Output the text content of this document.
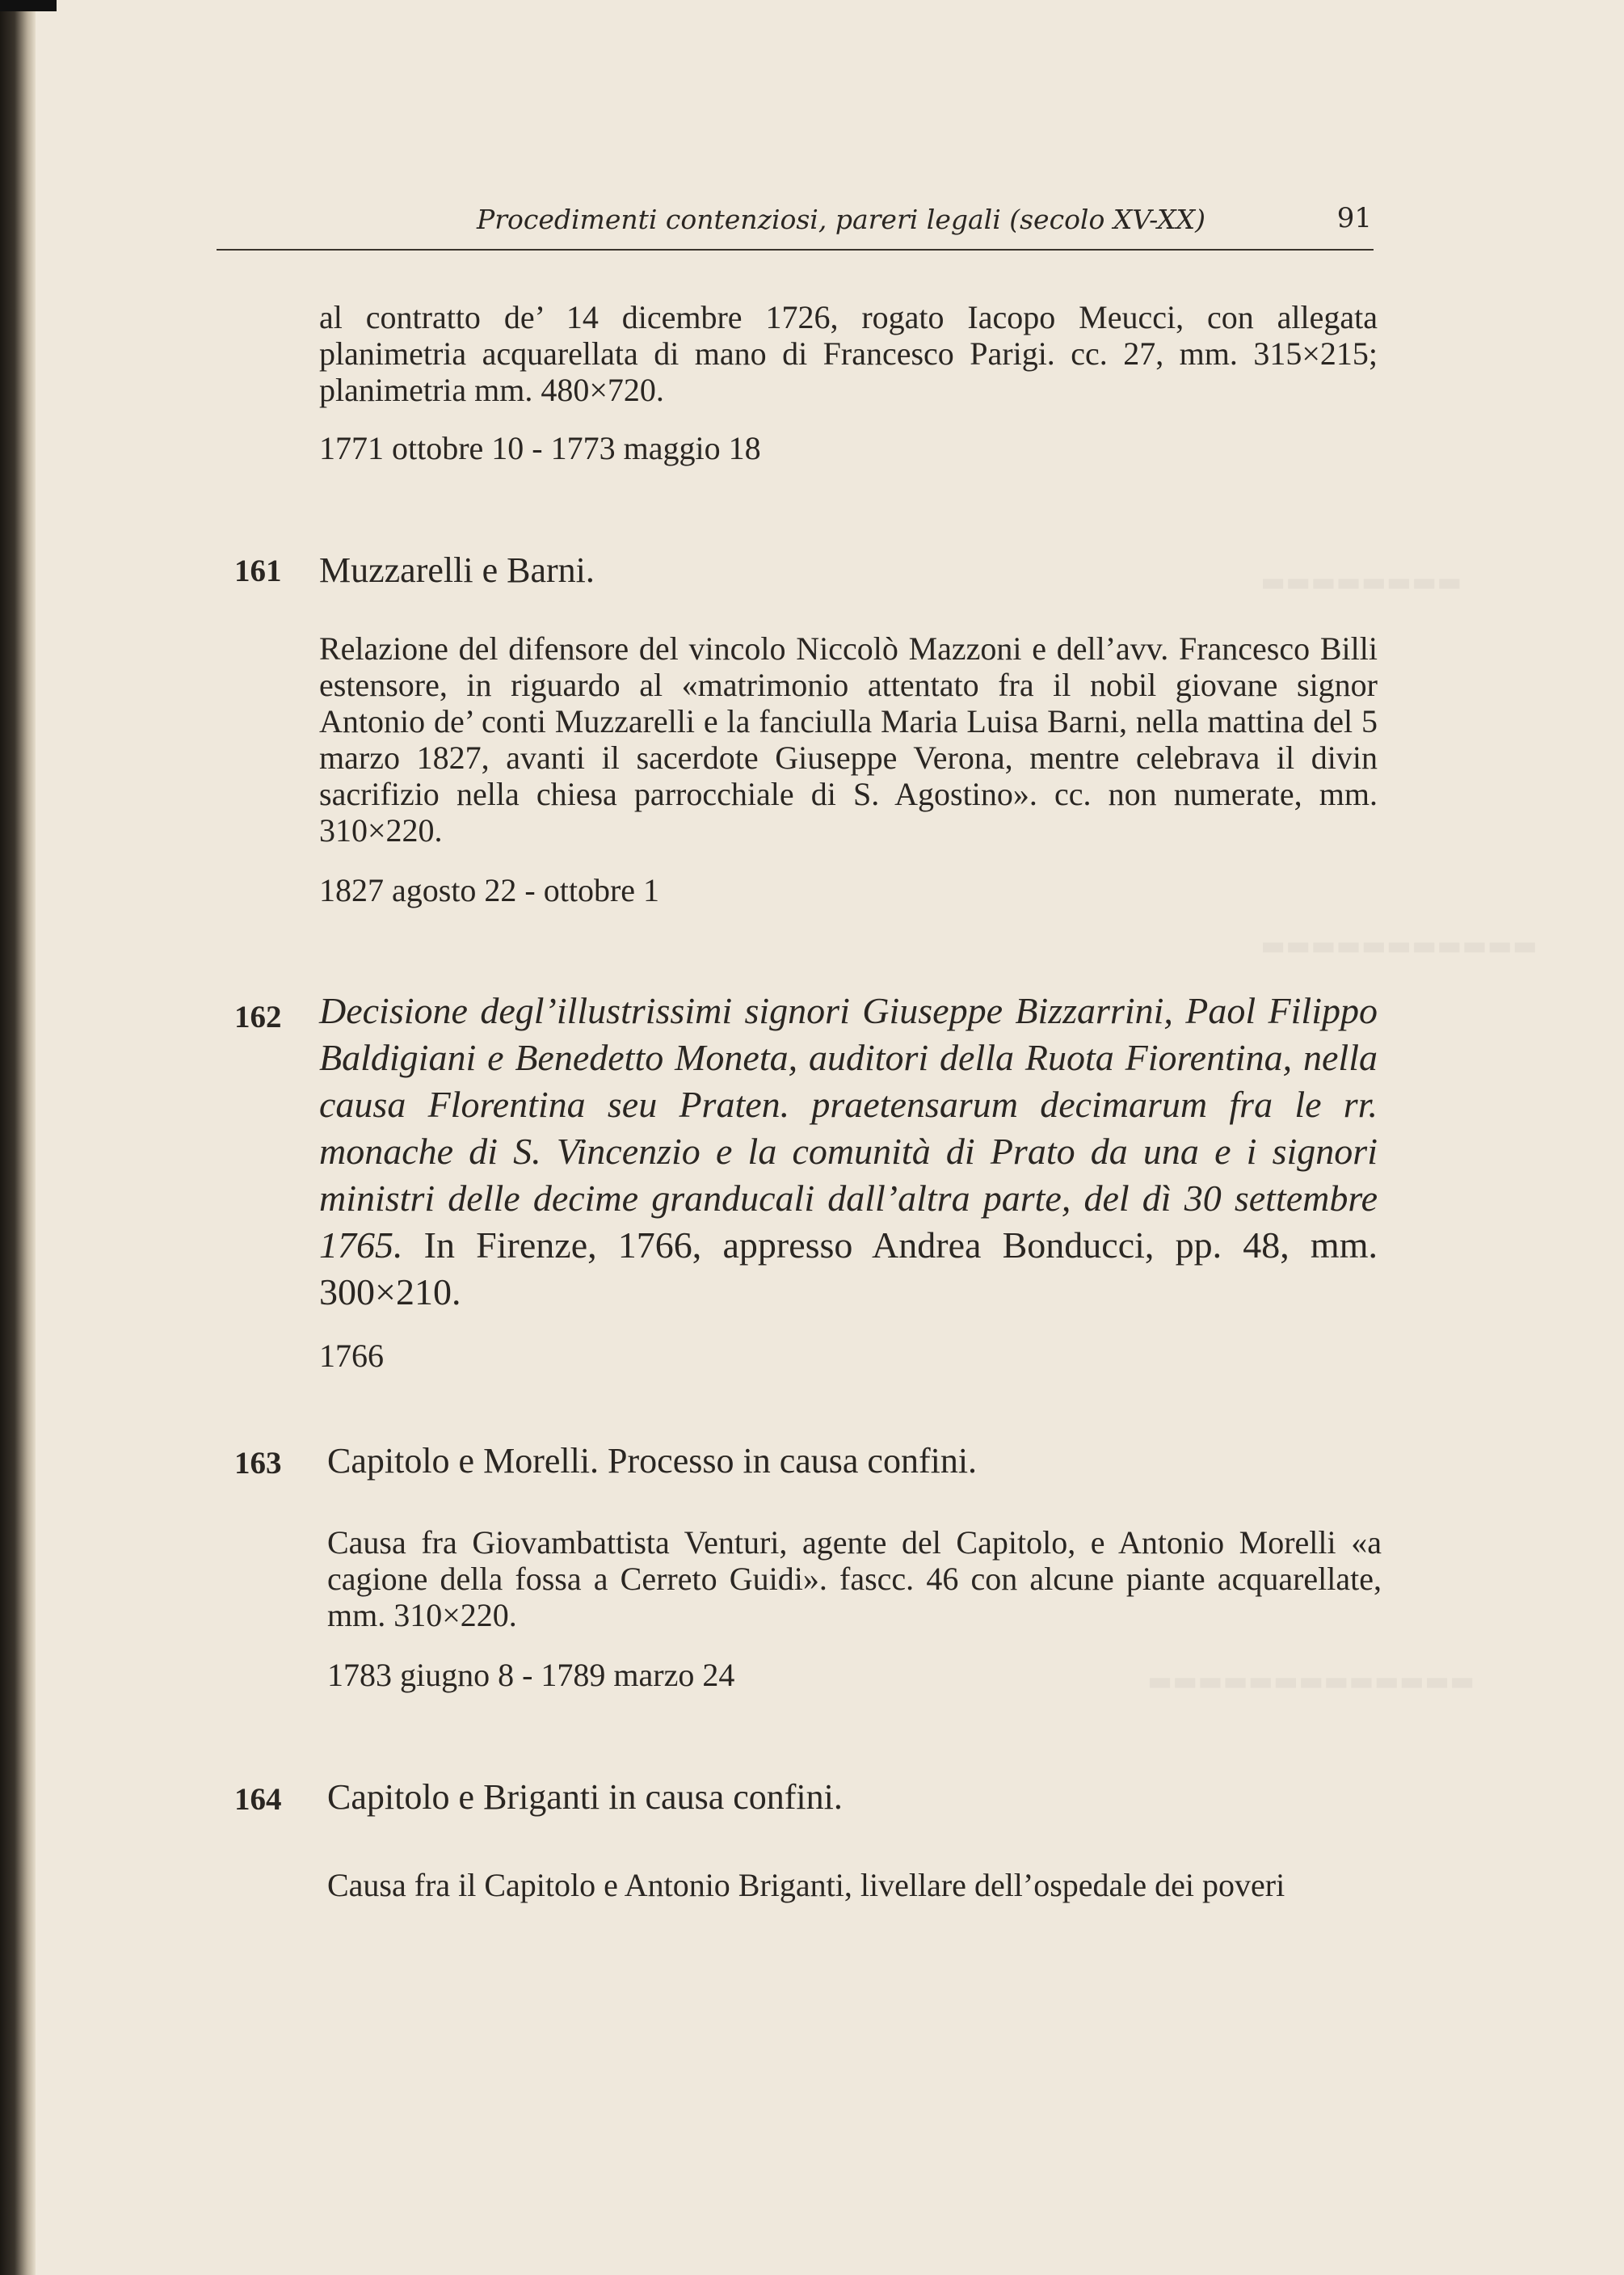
Procedimenti contenziosi, pareri legali (secolo XV-XX)	91

al contratto de’ 14 dicembre 1726, rogato Iacopo Meucci, con allegata planimetria acquarellata di mano di Francesco Parigi. cc. 27, mm. 315×215; planimetria mm. 480×720.

1771 ottobre 10 - 1773 maggio 18

161 Muzzarelli e Barni.

Relazione del difensore del vincolo Niccolò Mazzoni e dell’avv. Francesco Billi estensore, in riguardo al «matrimonio attentato fra il nobil giovane signor Antonio de’ conti Muzzarelli e la fanciulla Maria Luisa Barni, nella mattina del 5 marzo 1827, avanti il sacerdote Giuseppe Verona, mentre celebrava il divin sacrifizio nella chiesa parrocchiale di S. Agostino». cc. non numerate, mm. 310×220.

1827 agosto 22 - ottobre 1

162 Decisione degl’illustrissimi signori Giuseppe Bizzarrini, Paol Filippo Baldigiani e Benedetto Moneta, auditori della Ruota Fiorentina, nella causa Florentina seu Praten. praetensarum decimarum fra le rr. monache di S. Vincenzio e la comunità di Prato da una e i signori ministri delle decime granducali dall’altra parte, del dì 30 settembre 1765. In Firenze, 1766, appresso Andrea Bonducci, pp. 48, mm. 300×210.

1766

163 Capitolo e Morelli. Processo in causa confini.

Causa fra Giovambattista Venturi, agente del Capitolo, e Antonio Morelli «a cagione della fossa a Cerreto Guidi». fascc. 46 con alcune piante acquarellate, mm. 310×220.

1783 giugno 8 - 1789 marzo 24

164 Capitolo e Briganti in causa confini.

Causa fra il Capitolo e Antonio Briganti, livellare dell’ospedale dei poveri
